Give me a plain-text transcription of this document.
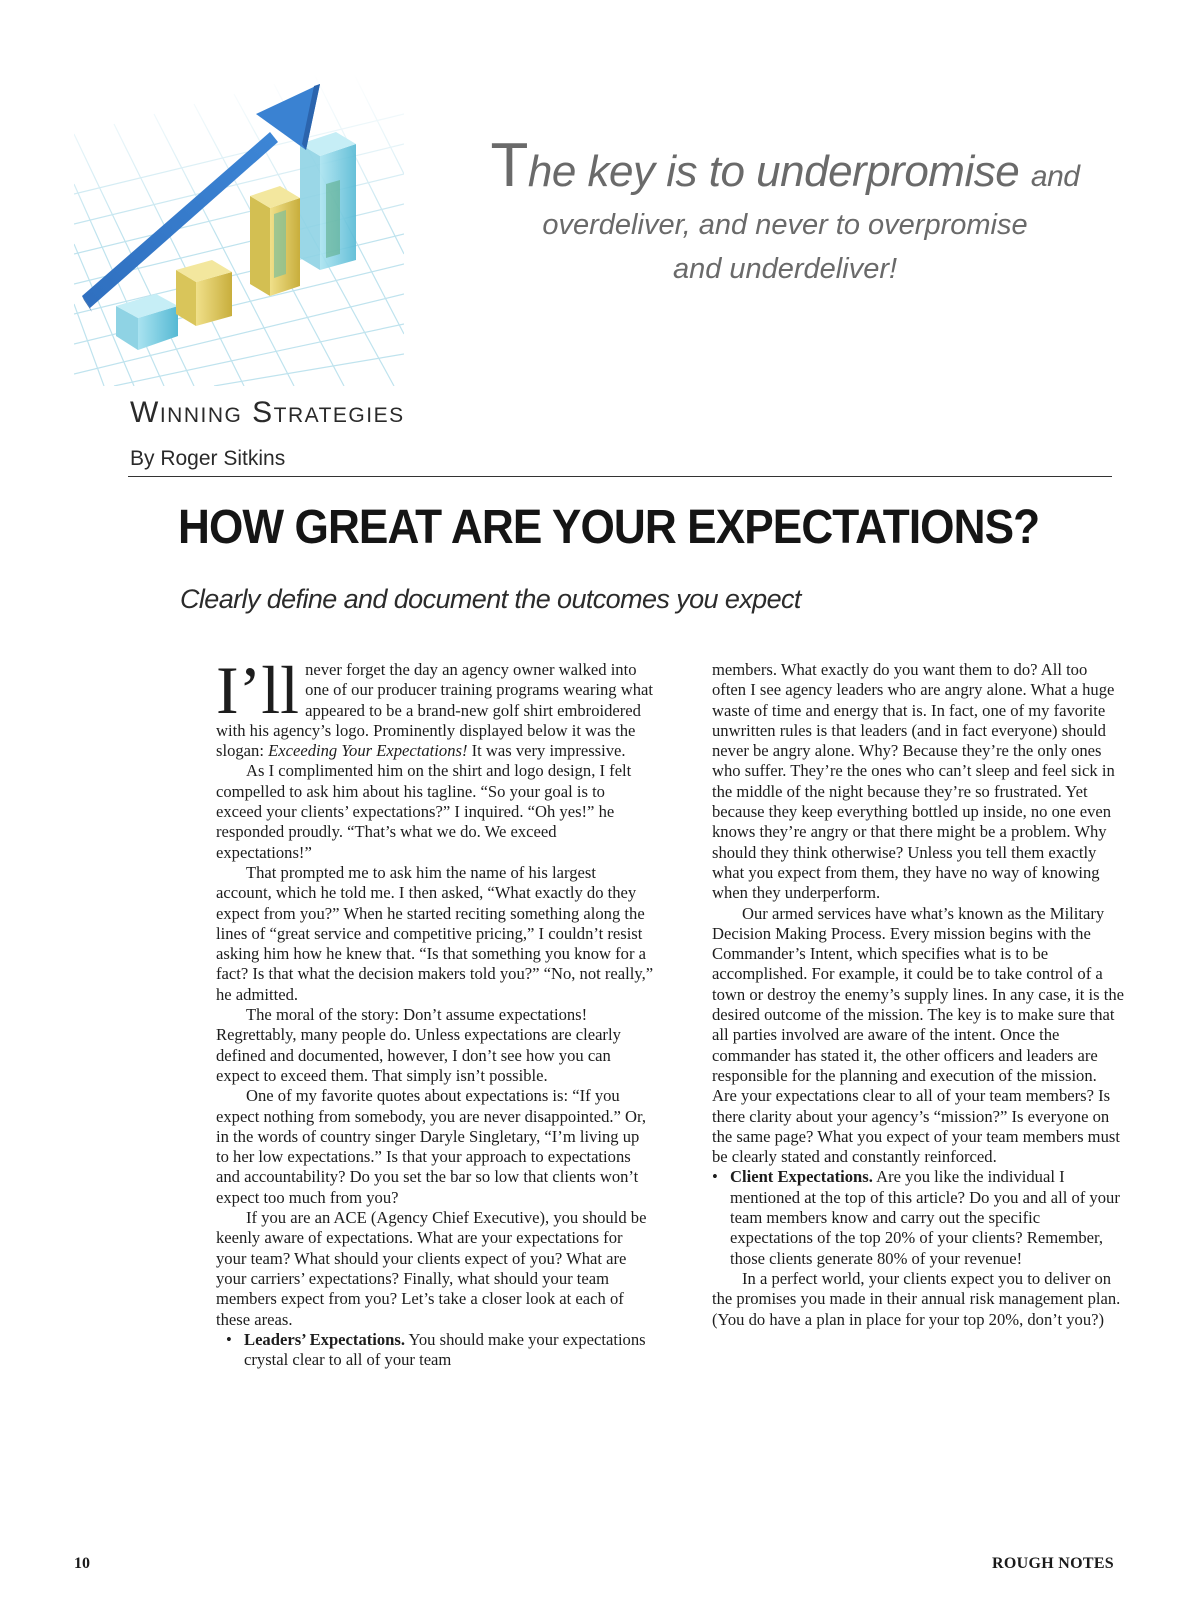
The key is to underpromise and
overdeliver, and never to overpromise
and underdeliver!
Winning Strategies
By Roger Sitkins
HOW GREAT ARE YOUR EXPECTATIONS?
Clearly define and document the outcomes you expect

I’ll never forget the day an agency owner walked into one of our producer training programs wearing what appeared to be a brand-new golf shirt embroidered with his agency’s logo. Prominently displayed below it was the slogan: Exceeding Your Expectations! It was very impressive.

As I complimented him on the shirt and logo design, I felt compelled to ask him about his tagline. “So your goal is to exceed your clients’ expectations?” I inquired. “Oh yes!” he responded proudly. “That’s what we do. We exceed expectations!”

That prompted me to ask him the name of his largest account, which he told me. I then asked, “What exactly do they expect from you?” When he started reciting something along the lines of “great service and competitive pricing,” I couldn’t resist asking him how he knew that. “Is that something you know for a fact? Is that what the decision makers told you?” “No, not really,” he admitted.

The moral of the story: Don’t assume expectations! Regrettably, many people do. Unless expectations are clearly defined and documented, however, I don’t see how you can expect to exceed them. That simply isn’t possible.

One of my favorite quotes about expectations is: “If you expect nothing from somebody, you are never disappointed.” Or, in the words of country singer Daryle Singletary, “I’m living up to her low expectations.” Is that your approach to expectations and accountability? Do you set the bar so low that clients won’t expect too much from you?

If you are an ACE (Agency Chief Executive), you should be keenly aware of expectations. What are your expectations for your team? What should your clients expect of you? What are your carriers’ expectations? Finally, what should your team members expect from you? Let’s take a closer look at each of these areas.

• Leaders’ Expectations. You should make your expectations crystal clear to all of your team

members. What exactly do you want them to do? All too often I see agency leaders who are angry alone. What a huge waste of time and energy that is. In fact, one of my favorite unwritten rules is that leaders (and in fact everyone) should never be angry alone. Why? Because they’re the only ones who suffer. They’re the ones who can’t sleep and feel sick in the middle of the night because they’re so frustrated. Yet because they keep everything bottled up inside, no one even knows they’re angry or that there might be a problem. Why should they think otherwise? Unless you tell them exactly what you expect from them, they have no way of knowing when they underperform.

Our armed services have what’s known as the Military Decision Making Process. Every mission begins with the Commander’s Intent, which specifies what is to be accomplished. For example, it could be to take control of a town or destroy the enemy’s supply lines. In any case, it is the desired outcome of the mission. The key is to make sure that all parties involved are aware of the intent. Once the commander has stated it, the other officers and leaders are responsible for the planning and execution of the mission.

Are your expectations clear to all of your team members? Is there clarity about your agency’s “mission?” Is everyone on the same page? What you expect of your team members must be clearly stated and constantly reinforced.

• Client Expectations. Are you like the individual I mentioned at the top of this article? Do you and all of your team members know and carry out the specific expectations of the top 20% of your clients? Remember, those clients generate 80% of your revenue!

In a perfect world, your clients expect you to deliver on the promises you made in their annual risk management plan. (You do have a plan in place for your top 20%, don’t you?)

10	ROUGH NOTES
